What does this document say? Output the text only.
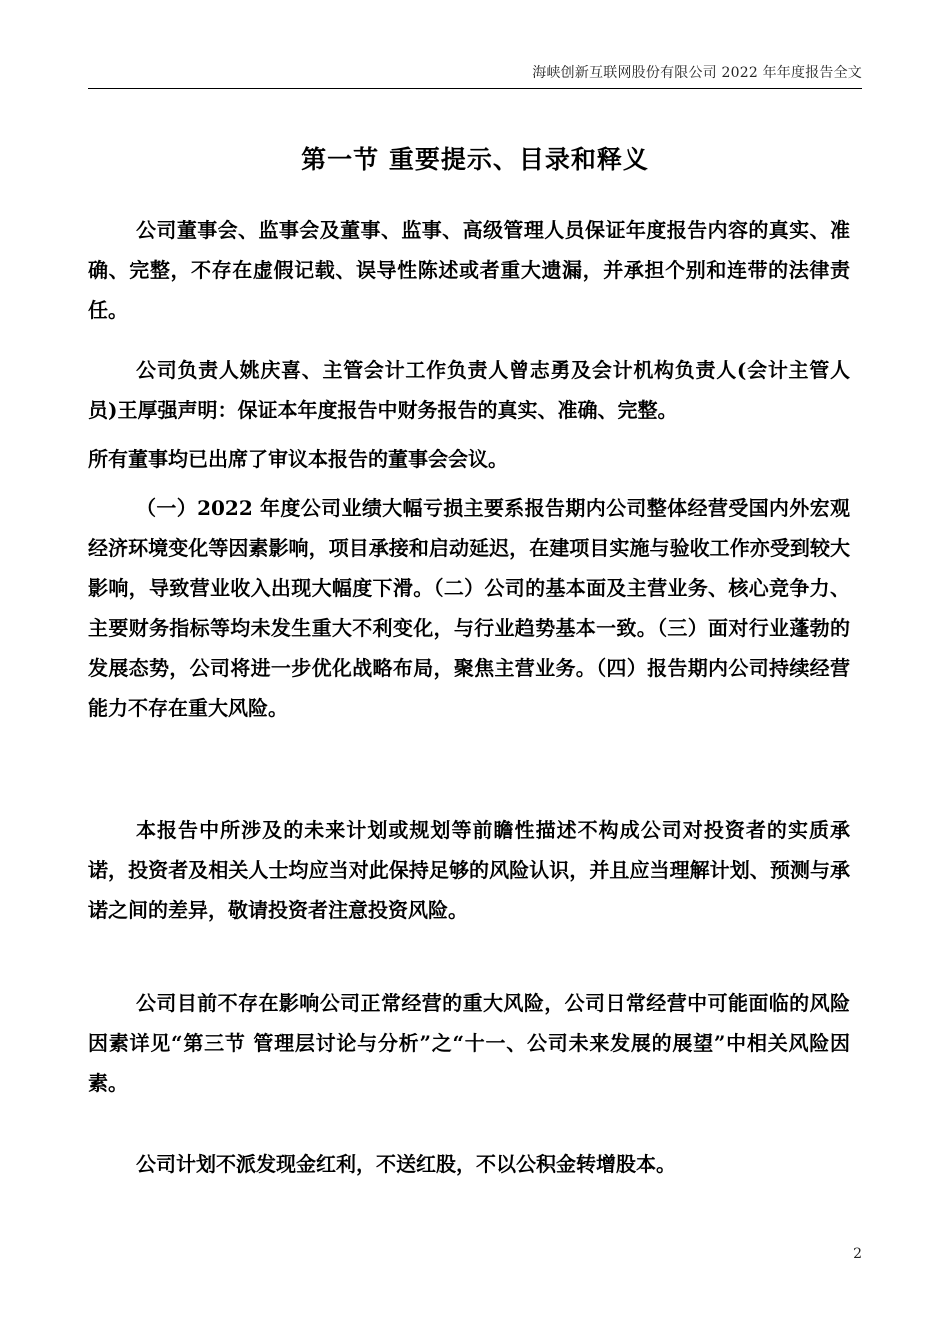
海峡创新互联网股份有限公司 2022 年年度报告全文
第一节 重要提示、目录和释义

公司董事会、监事会及董事、监事、高级管理人员保证年度报告内容的真实、准确、完整，不存在虚假记载、误导性陈述或者重大遗漏，并承担个别和连带的法律责任。

公司负责人姚庆喜、主管会计工作负责人曾志勇及会计机构负责人(会计主管人员)王厚强声明：保证本年度报告中财务报告的真实、准确、完整。

所有董事均已出席了审议本报告的董事会会议。

（一）2022 年度公司业绩大幅亏损主要系报告期内公司整体经营受国内外宏观经济环境变化等因素影响，项目承接和启动延迟，在建项目实施与验收工作亦受到较大影响，导致营业收入出现大幅度下滑。（二）公司的基本面及主营业务、核心竞争力、主要财务指标等均未发生重大不利变化，与行业趋势基本一致。（三）面对行业蓬勃的发展态势，公司将进一步优化战略布局，聚焦主营业务。（四）报告期内公司持续经营能力不存在重大风险。

本报告中所涉及的未来计划或规划等前瞻性描述不构成公司对投资者的实质承诺，投资者及相关人士均应当对此保持足够的风险认识，并且应当理解计划、预测与承诺之间的差异，敬请投资者注意投资风险。

公司目前不存在影响公司正常经营的重大风险，公司日常经营中可能面临的风险因素详见“第三节 管理层讨论与分析”之“十一、公司未来发展的展望”中相关风险因素。

公司计划不派发现金红利，不送红股，不以公积金转增股本。

2
